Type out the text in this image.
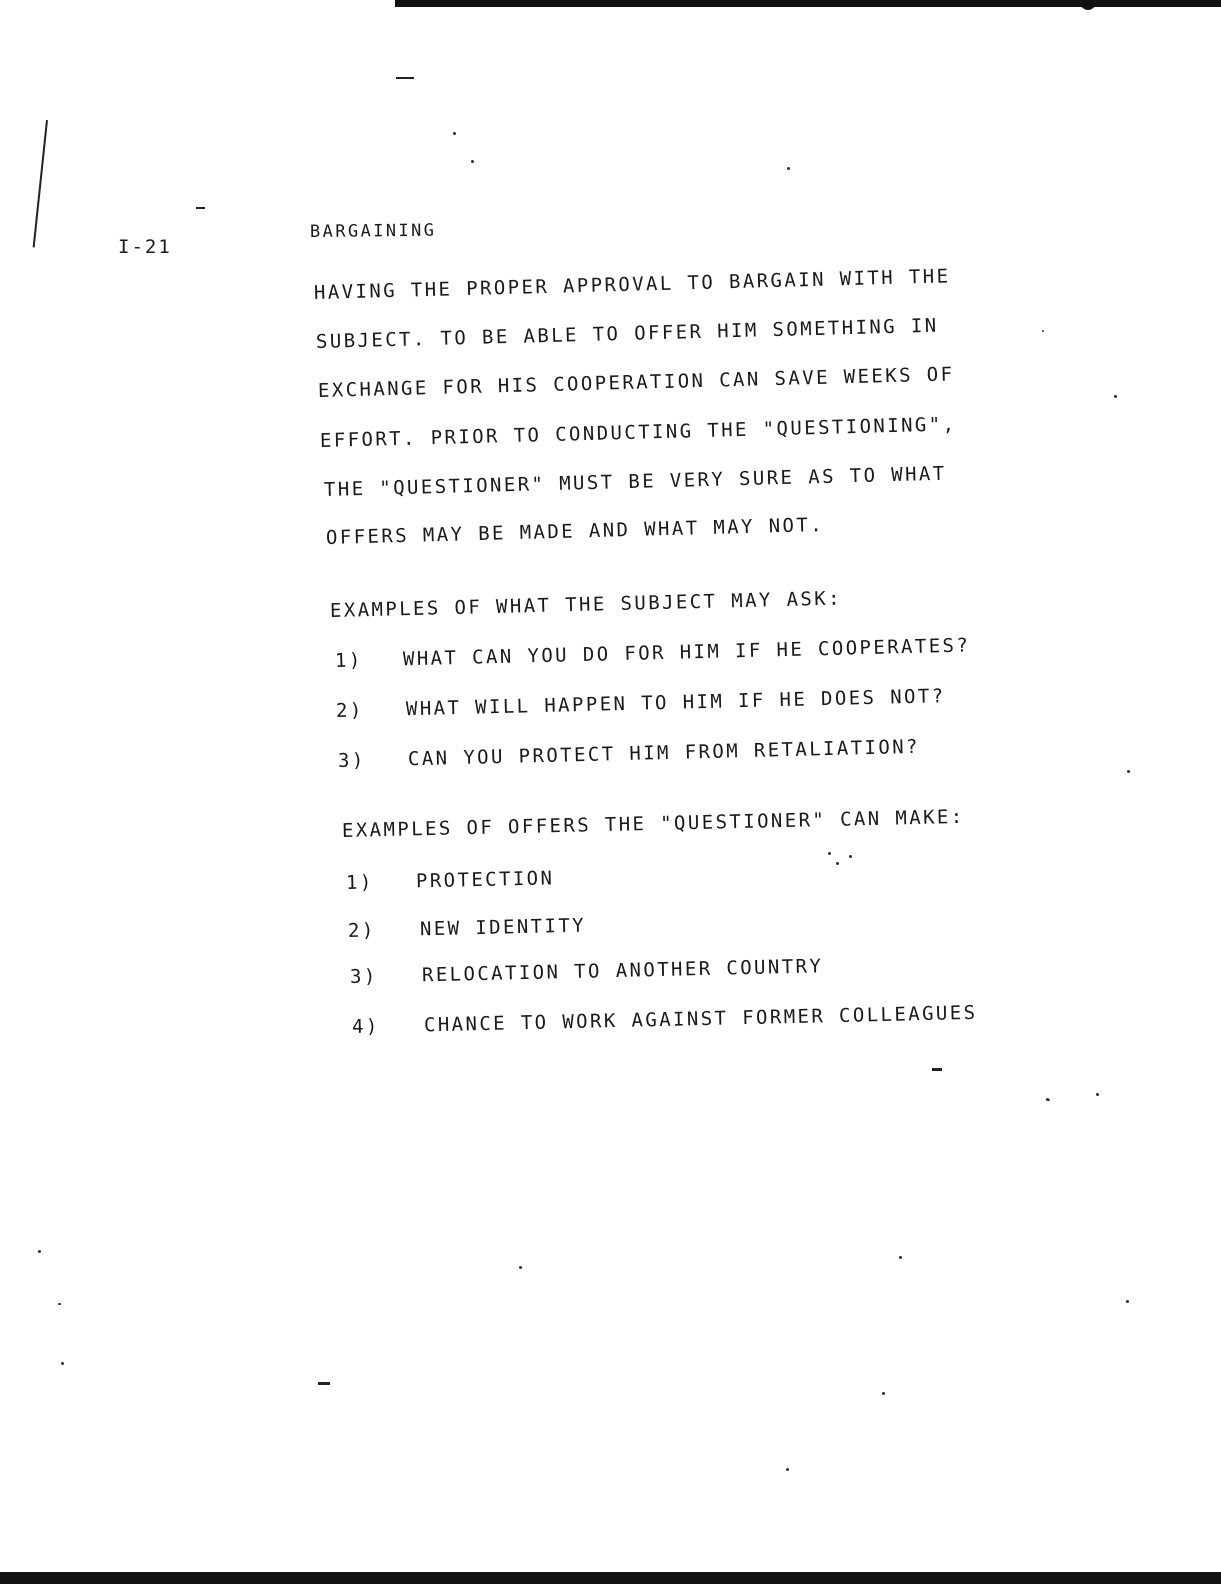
I-21
BARGAINING
HAVING THE PROPER APPROVAL TO BARGAIN WITH THE
SUBJECT. TO BE ABLE TO OFFER HIM SOMETHING IN
EXCHANGE FOR HIS COOPERATION CAN SAVE WEEKS OF
EFFORT. PRIOR TO CONDUCTING THE "QUESTIONING",
THE "QUESTIONER" MUST BE VERY SURE AS TO WHAT
OFFERS MAY BE MADE AND WHAT MAY NOT.
EXAMPLES OF WHAT THE SUBJECT MAY ASK:
1) WHAT CAN YOU DO FOR HIM IF HE COOPERATES?
2) WHAT WILL HAPPEN TO HIM IF HE DOES NOT?
3) CAN YOU PROTECT HIM FROM RETALIATION?
EXAMPLES OF OFFERS THE "QUESTIONER" CAN MAKE:
1) PROTECTION
2) NEW IDENTITY
3) RELOCATION TO ANOTHER COUNTRY
4) CHANCE TO WORK AGAINST FORMER COLLEAGUES
